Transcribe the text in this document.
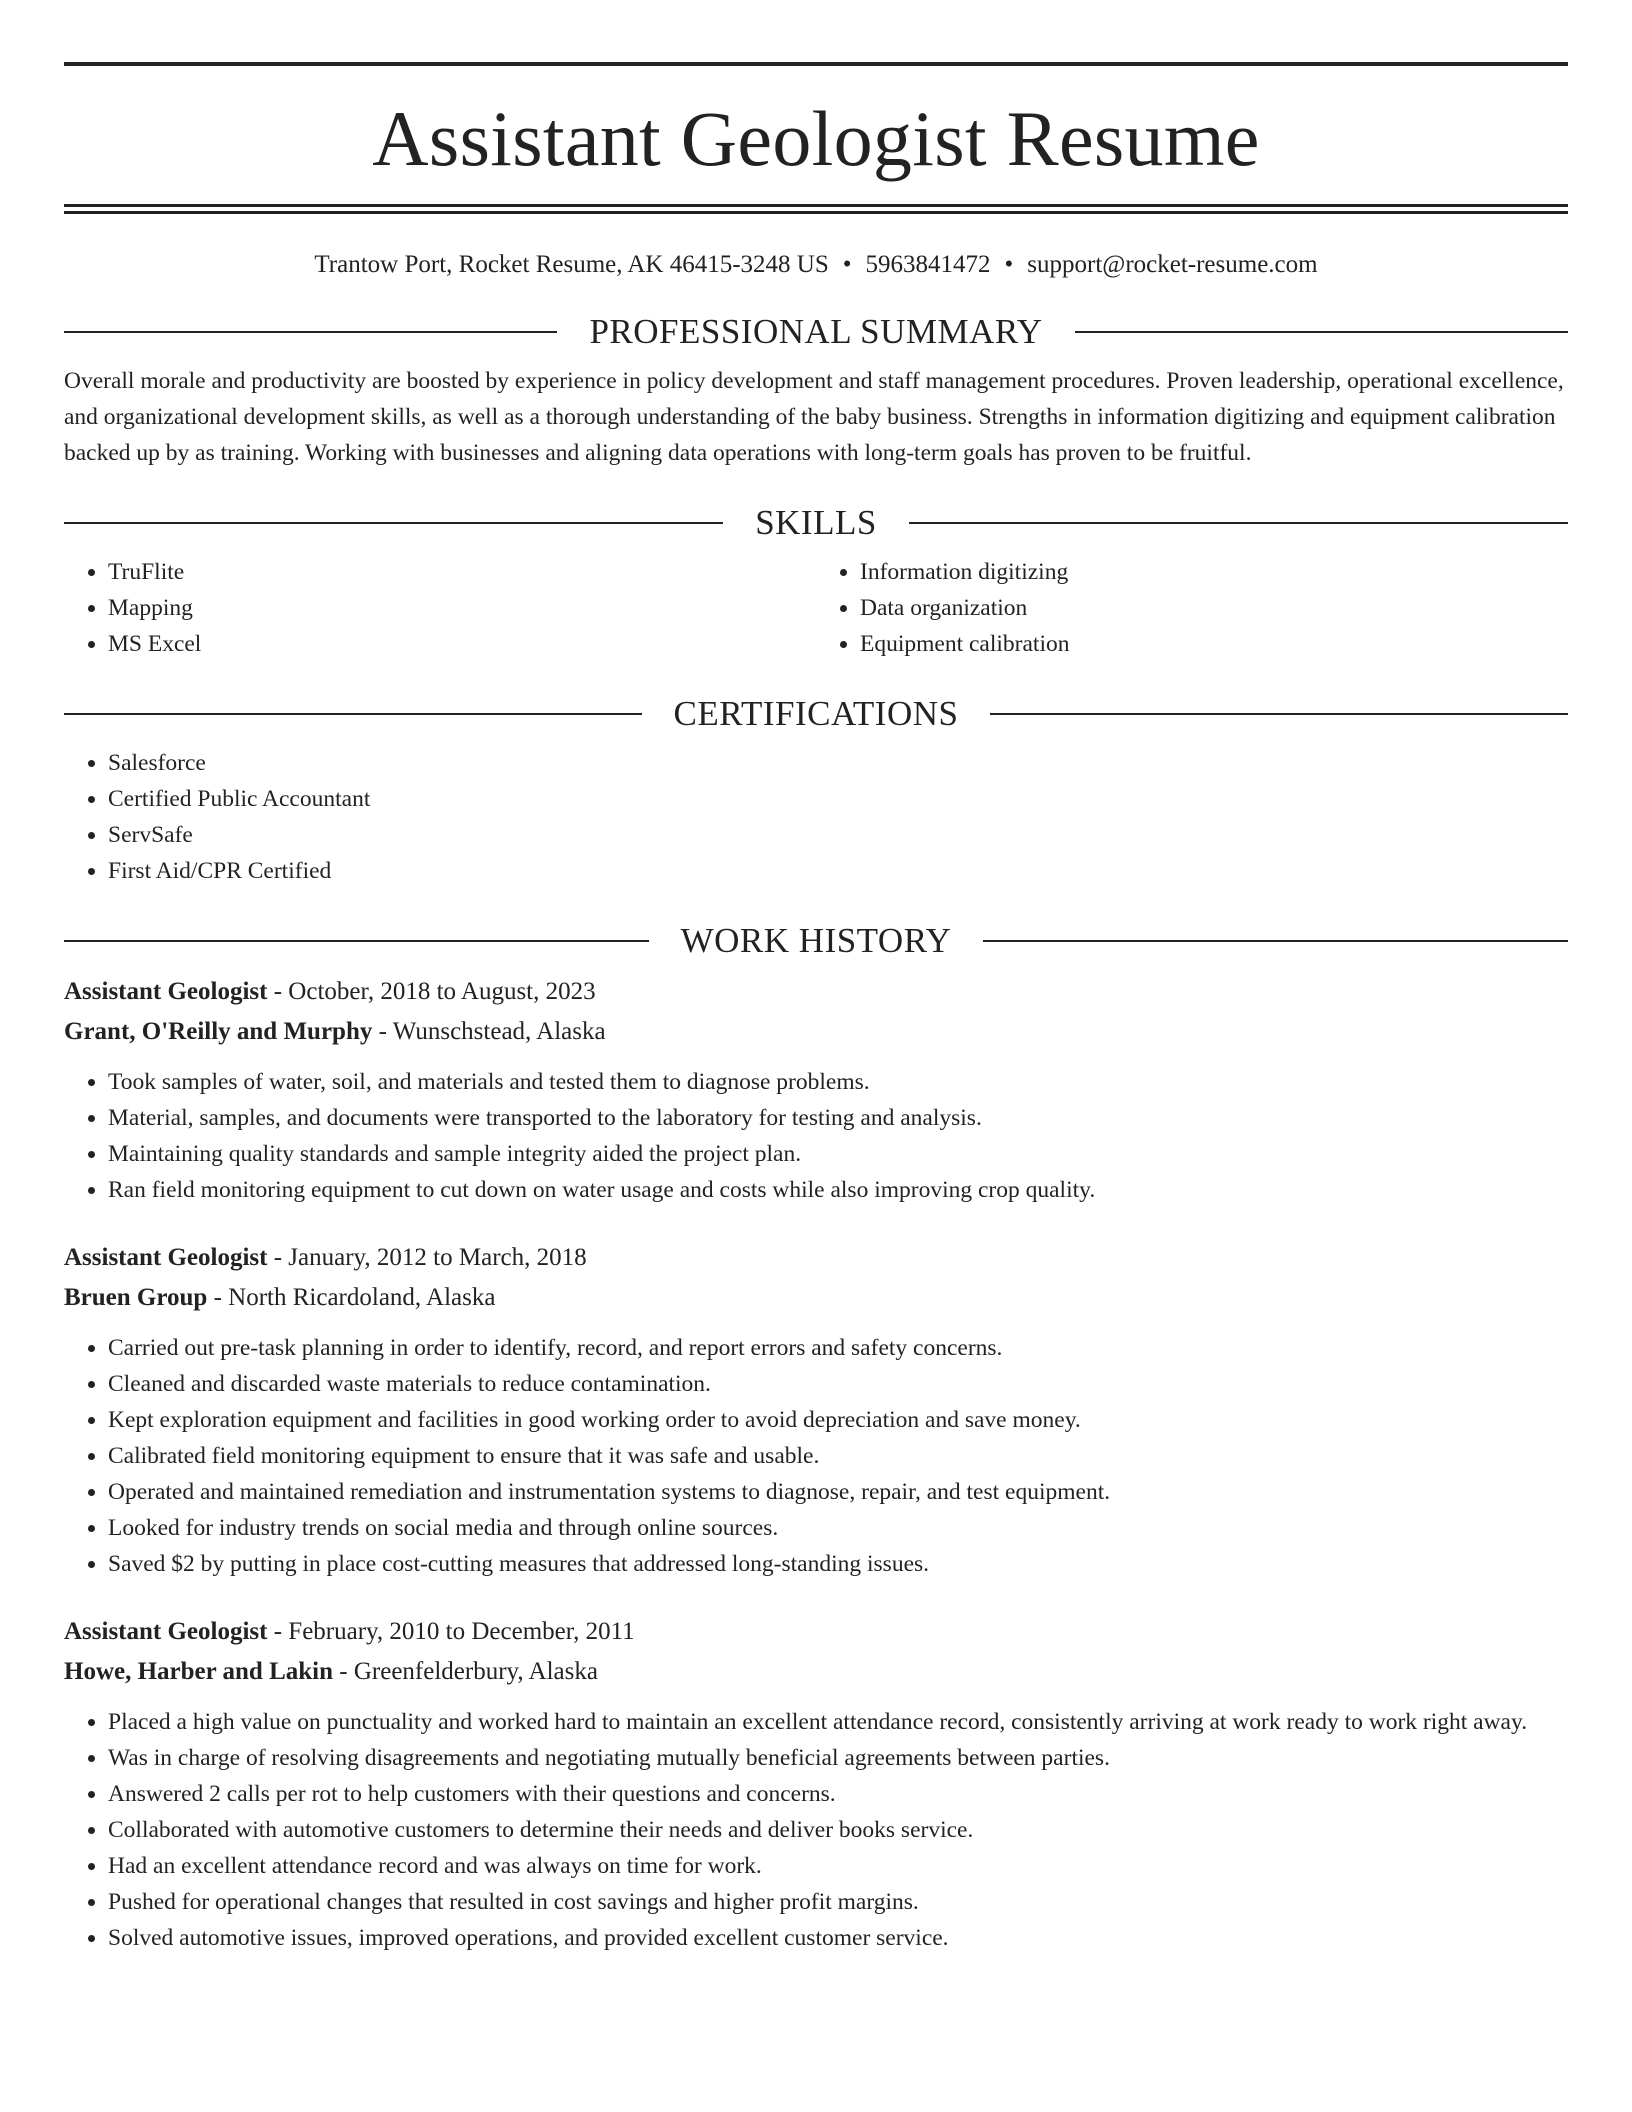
Assistant Geologist Resume
Trantow Port, Rocket Resume, AK 46415-3248 US • 5963841472 • support@rocket-resume.com
PROFESSIONAL SUMMARY

Overall morale and productivity are boosted by experience in policy development and staff management procedures. Proven leadership, operational excellence, and organizational development skills, as well as a thorough understanding of the baby business. Strengths in information digitizing and equipment calibration backed up by as training. Working with businesses and aligning data operations with long-term goals has proven to be fruitful.

SKILLS
• TruFlite
• Mapping
• MS Excel
• Information digitizing
• Data organization
• Equipment calibration
CERTIFICATIONS
• Salesforce
• Certified Public Accountant
• ServSafe
• First Aid/CPR Certified
WORK HISTORY
Assistant Geologist - October, 2018 to August, 2023
Grant, O'Reilly and Murphy - Wunschstead, Alaska
• Took samples of water, soil, and materials and tested them to diagnose problems.
• Material, samples, and documents were transported to the laboratory for testing and analysis.
• Maintaining quality standards and sample integrity aided the project plan.
• Ran field monitoring equipment to cut down on water usage and costs while also improving crop quality.
Assistant Geologist - January, 2012 to March, 2018
Bruen Group - North Ricardoland, Alaska
• Carried out pre-task planning in order to identify, record, and report errors and safety concerns.
• Cleaned and discarded waste materials to reduce contamination.
• Kept exploration equipment and facilities in good working order to avoid depreciation and save money.
• Calibrated field monitoring equipment to ensure that it was safe and usable.
• Operated and maintained remediation and instrumentation systems to diagnose, repair, and test equipment.
• Looked for industry trends on social media and through online sources.
• Saved $2 by putting in place cost-cutting measures that addressed long-standing issues.
Assistant Geologist - February, 2010 to December, 2011
Howe, Harber and Lakin - Greenfelderbury, Alaska
• Placed a high value on punctuality and worked hard to maintain an excellent attendance record, consistently arriving at work ready to work right away.
• Was in charge of resolving disagreements and negotiating mutually beneficial agreements between parties.
• Answered 2 calls per rot to help customers with their questions and concerns.
• Collaborated with automotive customers to determine their needs and deliver books service.
• Had an excellent attendance record and was always on time for work.
• Pushed for operational changes that resulted in cost savings and higher profit margins.
• Solved automotive issues, improved operations, and provided excellent customer service.
